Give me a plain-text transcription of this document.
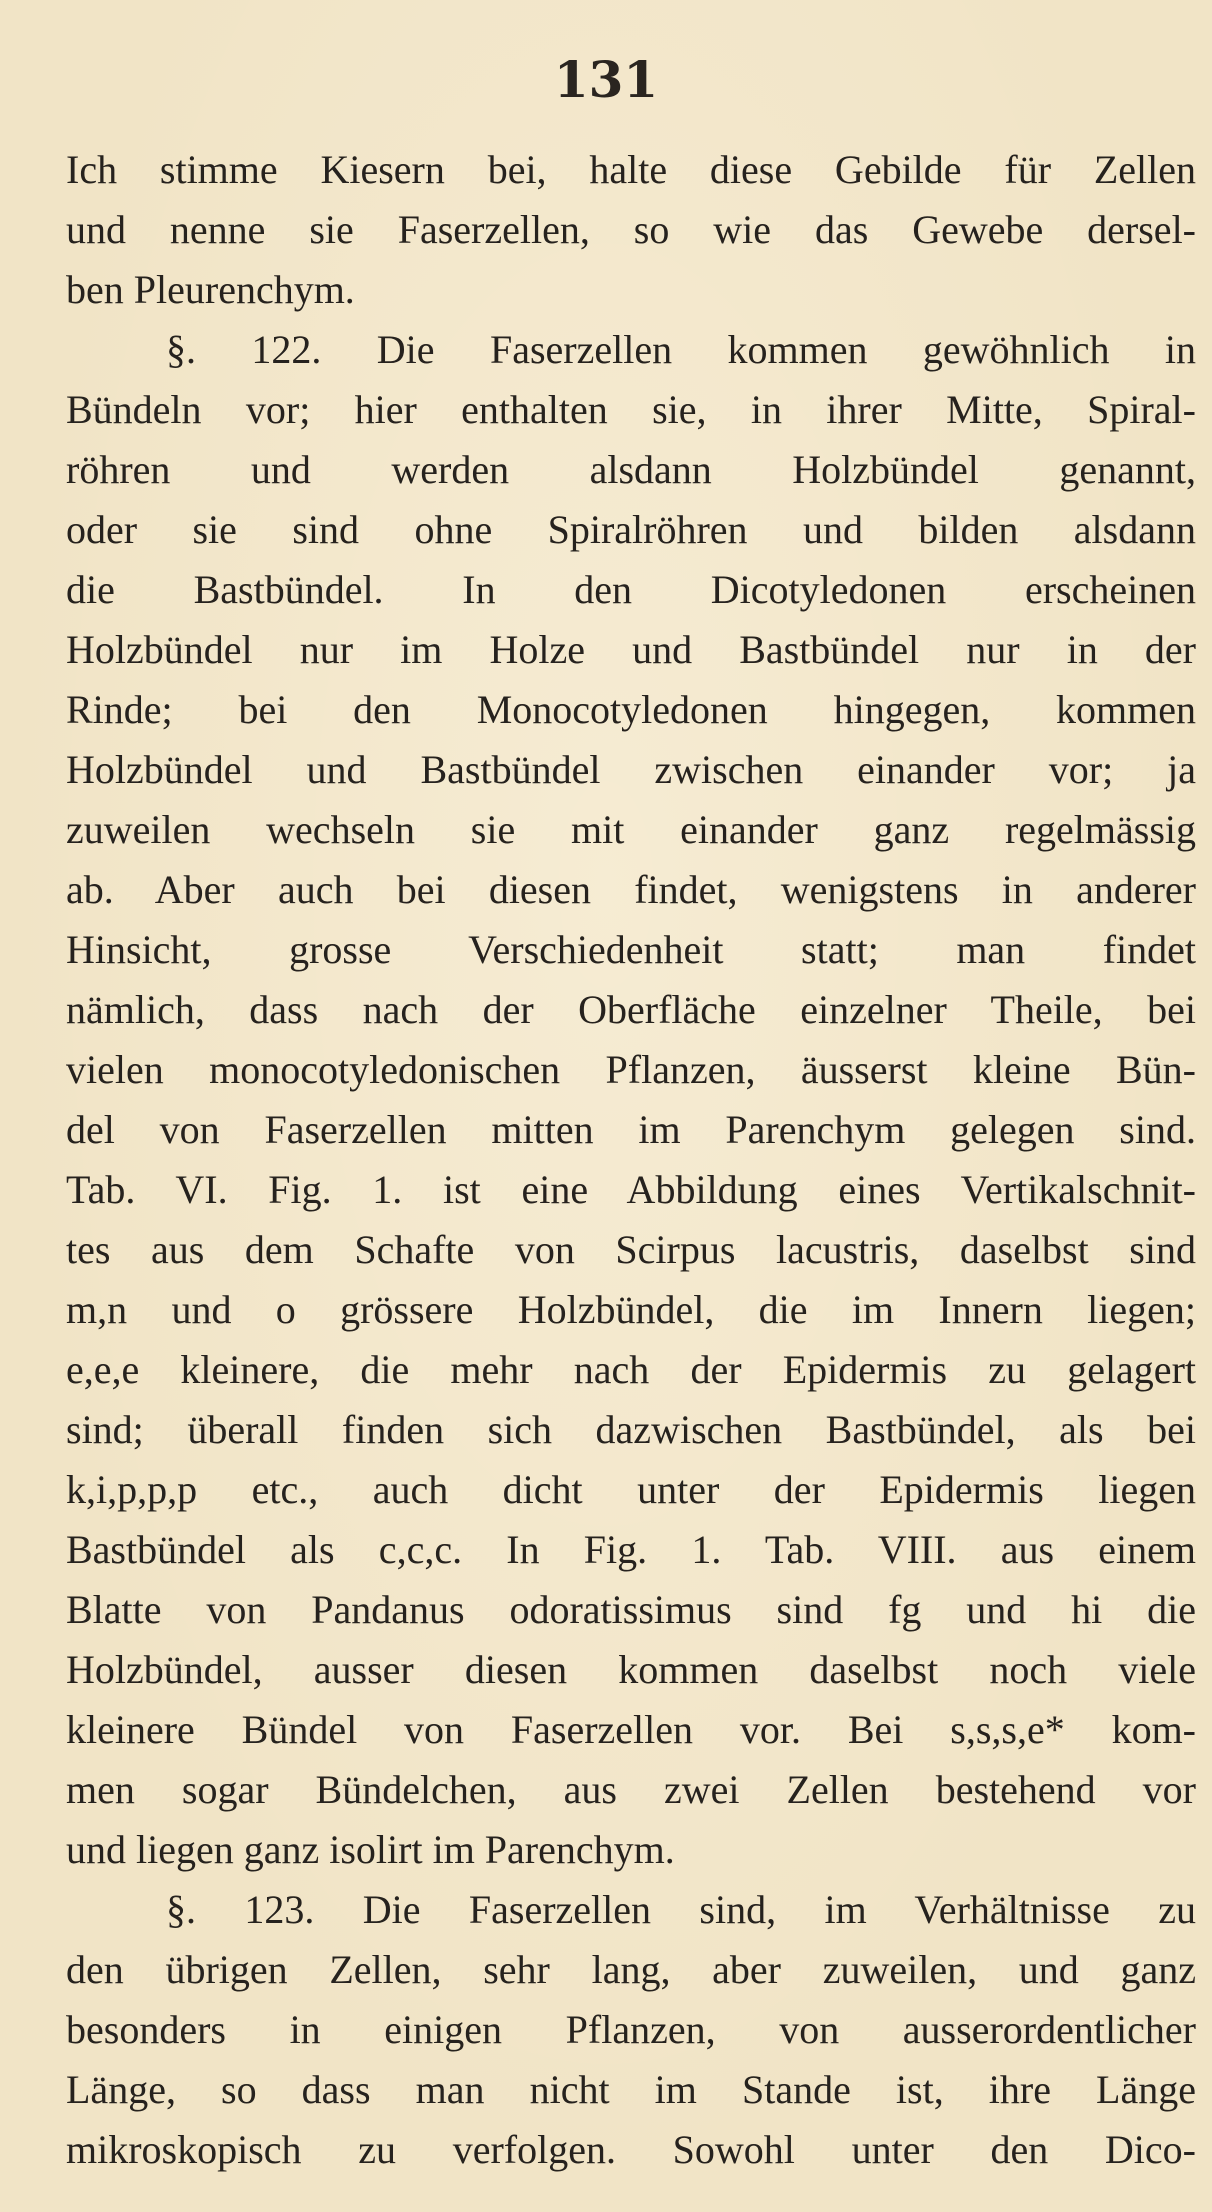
131
Ich stimme Kiesern bei, halte diese Gebilde für Zellen
und nenne sie Faserzellen, so wie das Gewebe dersel-
ben Pleurenchym.
§. 122. Die Faserzellen kommen gewöhnlich in
Bündeln vor; hier enthalten sie, in ihrer Mitte, Spiral-
röhren und werden alsdann Holzbündel genannt,
oder sie sind ohne Spiralröhren und bilden alsdann
die Bastbündel. In den Dicotyledonen erscheinen
Holzbündel nur im Holze und Bastbündel nur in der
Rinde; bei den Monocotyledonen hingegen, kommen
Holzbündel und Bastbündel zwischen einander vor; ja
zuweilen wechseln sie mit einander ganz regelmässig
ab. Aber auch bei diesen findet, wenigstens in anderer
Hinsicht, grosse Verschiedenheit statt; man findet
nämlich, dass nach der Oberfläche einzelner Theile, bei
vielen monocotyledonischen Pflanzen, äusserst kleine Bün-
del von Faserzellen mitten im Parenchym gelegen sind.
Tab. VI. Fig. 1. ist eine Abbildung eines Vertikalschnit-
tes aus dem Schafte von Scirpus lacustris, daselbst sind
m,n und o grössere Holzbündel, die im Innern liegen;
e,e,e kleinere, die mehr nach der Epidermis zu gelagert
sind; überall finden sich dazwischen Bastbündel, als bei
k,i,p,p,p etc., auch dicht unter der Epidermis liegen
Bastbündel als c,c,c. In Fig. 1. Tab. VIII. aus einem
Blatte von Pandanus odoratissimus sind fg und hi die
Holzbündel, ausser diesen kommen daselbst noch viele
kleinere Bündel von Faserzellen vor. Bei s,s,s,e* kom-
men sogar Bündelchen, aus zwei Zellen bestehend vor
und liegen ganz isolirt im Parenchym.
§. 123. Die Faserzellen sind, im Verhältnisse zu
den übrigen Zellen, sehr lang, aber zuweilen, und ganz
besonders in einigen Pflanzen, von ausserordentlicher
Länge, so dass man nicht im Stande ist, ihre Länge
mikroskopisch zu verfolgen. Sowohl unter den Dico-
